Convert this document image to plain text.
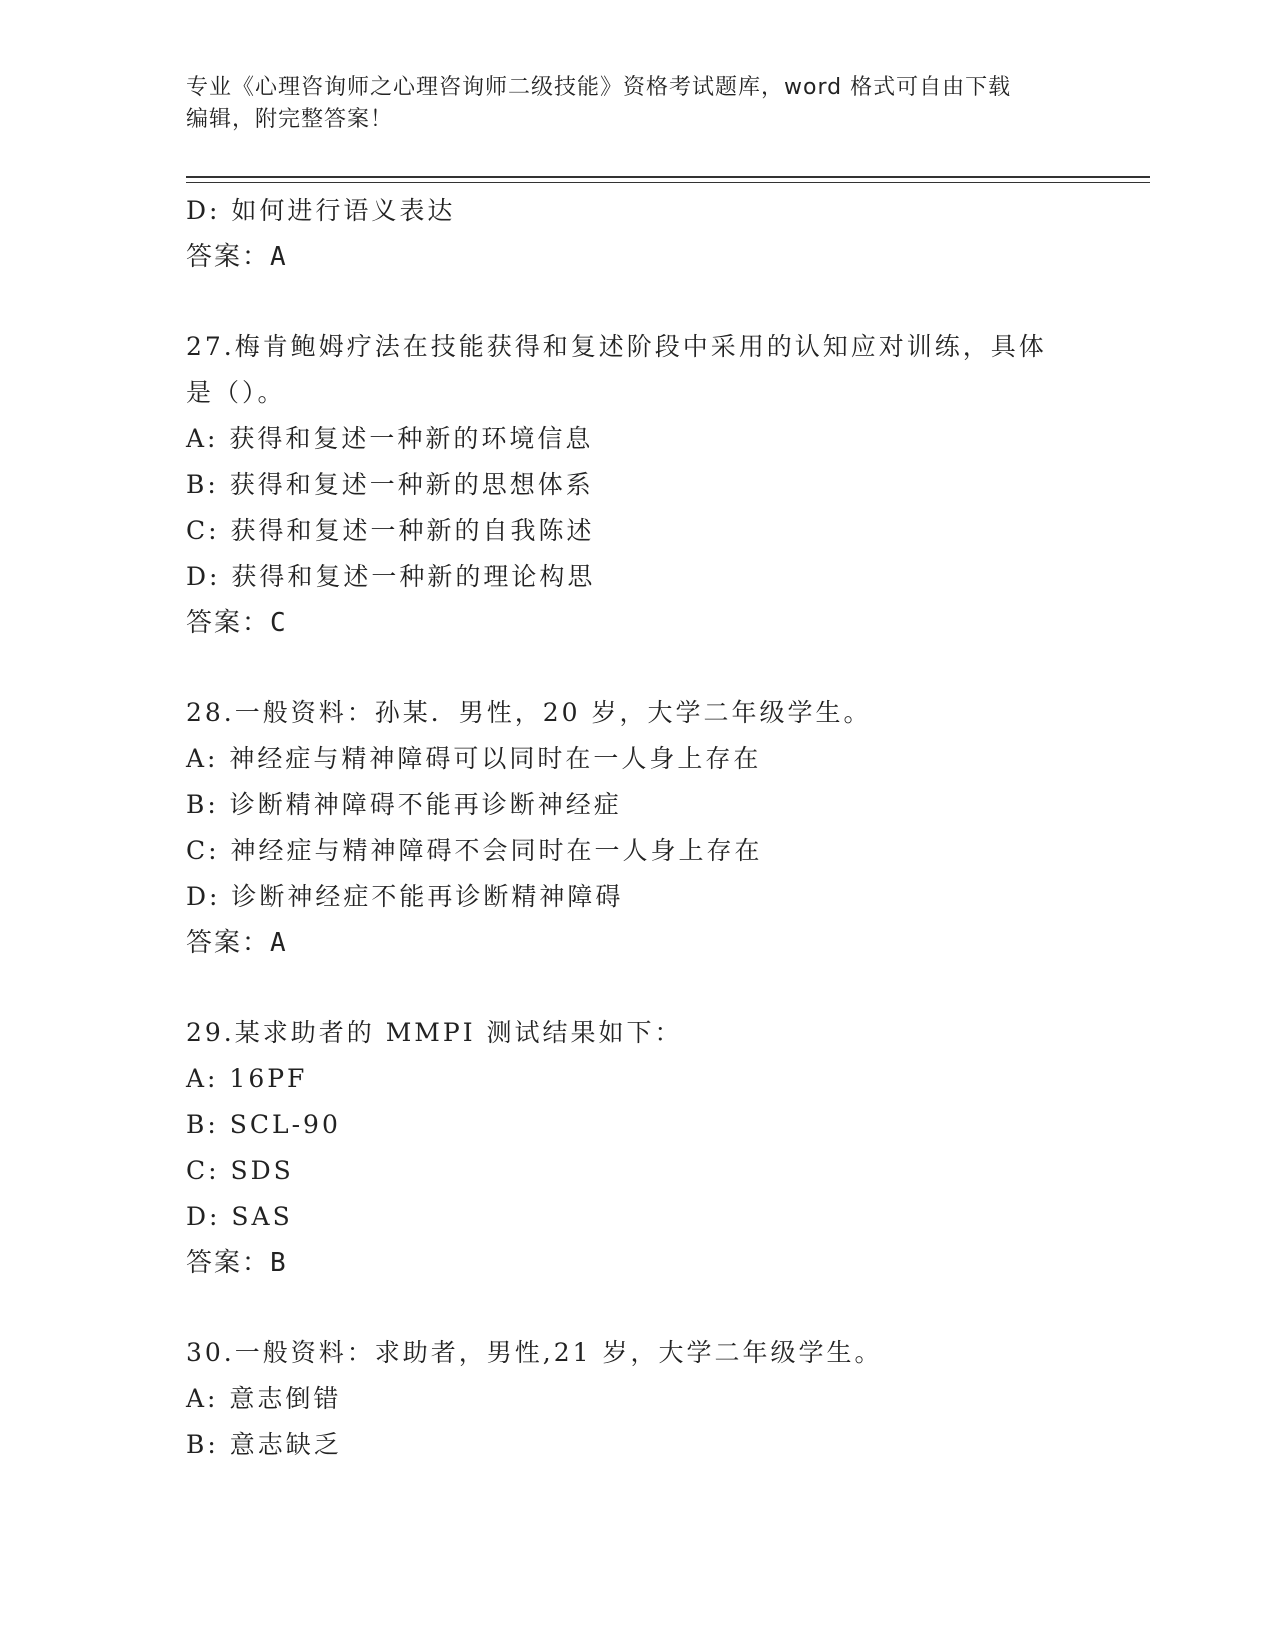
专业《心理咨询师之心理咨询师二级技能》资格考试题库，word 格式可自由下载
编辑，附完整答案！
D: 如何进行语义表达
答案：A
27.梅肯鲍姆疗法在技能获得和复述阶段中采用的认知应对训练，具体
是（）。
A: 获得和复述一种新的环境信息
B: 获得和复述一种新的思想体系
C: 获得和复述一种新的自我陈述
D: 获得和复述一种新的理论构思
答案：C
28.一般资料：孙某．男性，20 岁，大学二年级学生。
A: 神经症与精神障碍可以同时在一人身上存在
B: 诊断精神障碍不能再诊断神经症
C: 神经症与精神障碍不会同时在一人身上存在
D: 诊断神经症不能再诊断精神障碍
答案：A
29.某求助者的 MMPI 测试结果如下：
A: 16PF
B: SCL-90
C: SDS
D: SAS
答案：B
30.一般资料：求助者，男性,21 岁，大学二年级学生。
A: 意志倒错
B: 意志缺乏
